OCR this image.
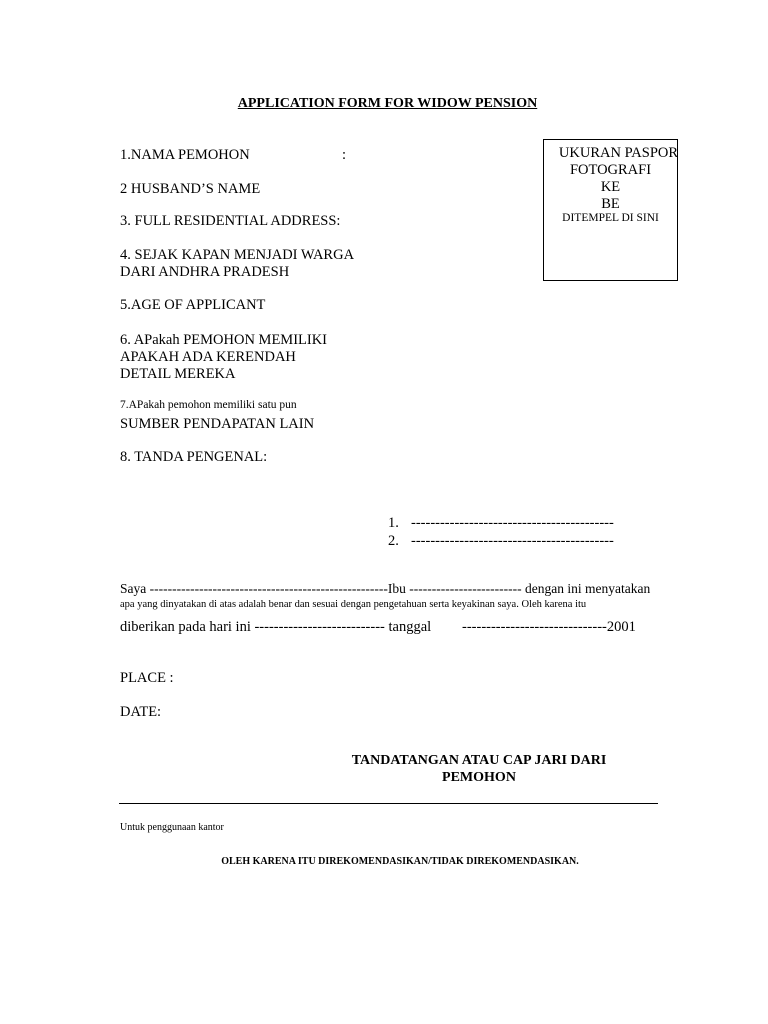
APPLICATION FORM FOR WIDOW PENSION
1.NAMA PEMOHON	:
2 HUSBAND’S NAME
3. FULL RESIDENTIAL ADDRESS:
4. SEJAK KAPAN MENJADI WARGA
DARI ANDHRA PRADESH
5.AGE OF APPLICANT
6. APakah PEMOHON MEMILIKI
APAKAH ADA KERENDAH
DETAIL MEREKA
7.APakah pemohon memiliki satu pun
SUMBER PENDAPATAN LAIN
8. TANDA PENGENAL:
UKURAN PASPOR
FOTOGRAFI
KE
BE
DITEMPEL DI SINI
1. ------------------------------------------
2. ------------------------------------------
Saya -----------------------------------------------------Ibu ------------------------- dengan ini menyatakan
apa yang dinyatakan di atas adalah benar dan sesuai dengan pengetahuan serta keyakinan saya. Oleh karena itu
diberikan pada hari ini --------------------------- tanggal ------------------------------2001
PLACE :
DATE:
TANDATANGAN ATAU CAP JARI DARI
PEMOHON
Untuk penggunaan kantor
OLEH KARENA ITU DIREKOMENDASIKAN/TIDAK DIREKOMENDASIKAN.
